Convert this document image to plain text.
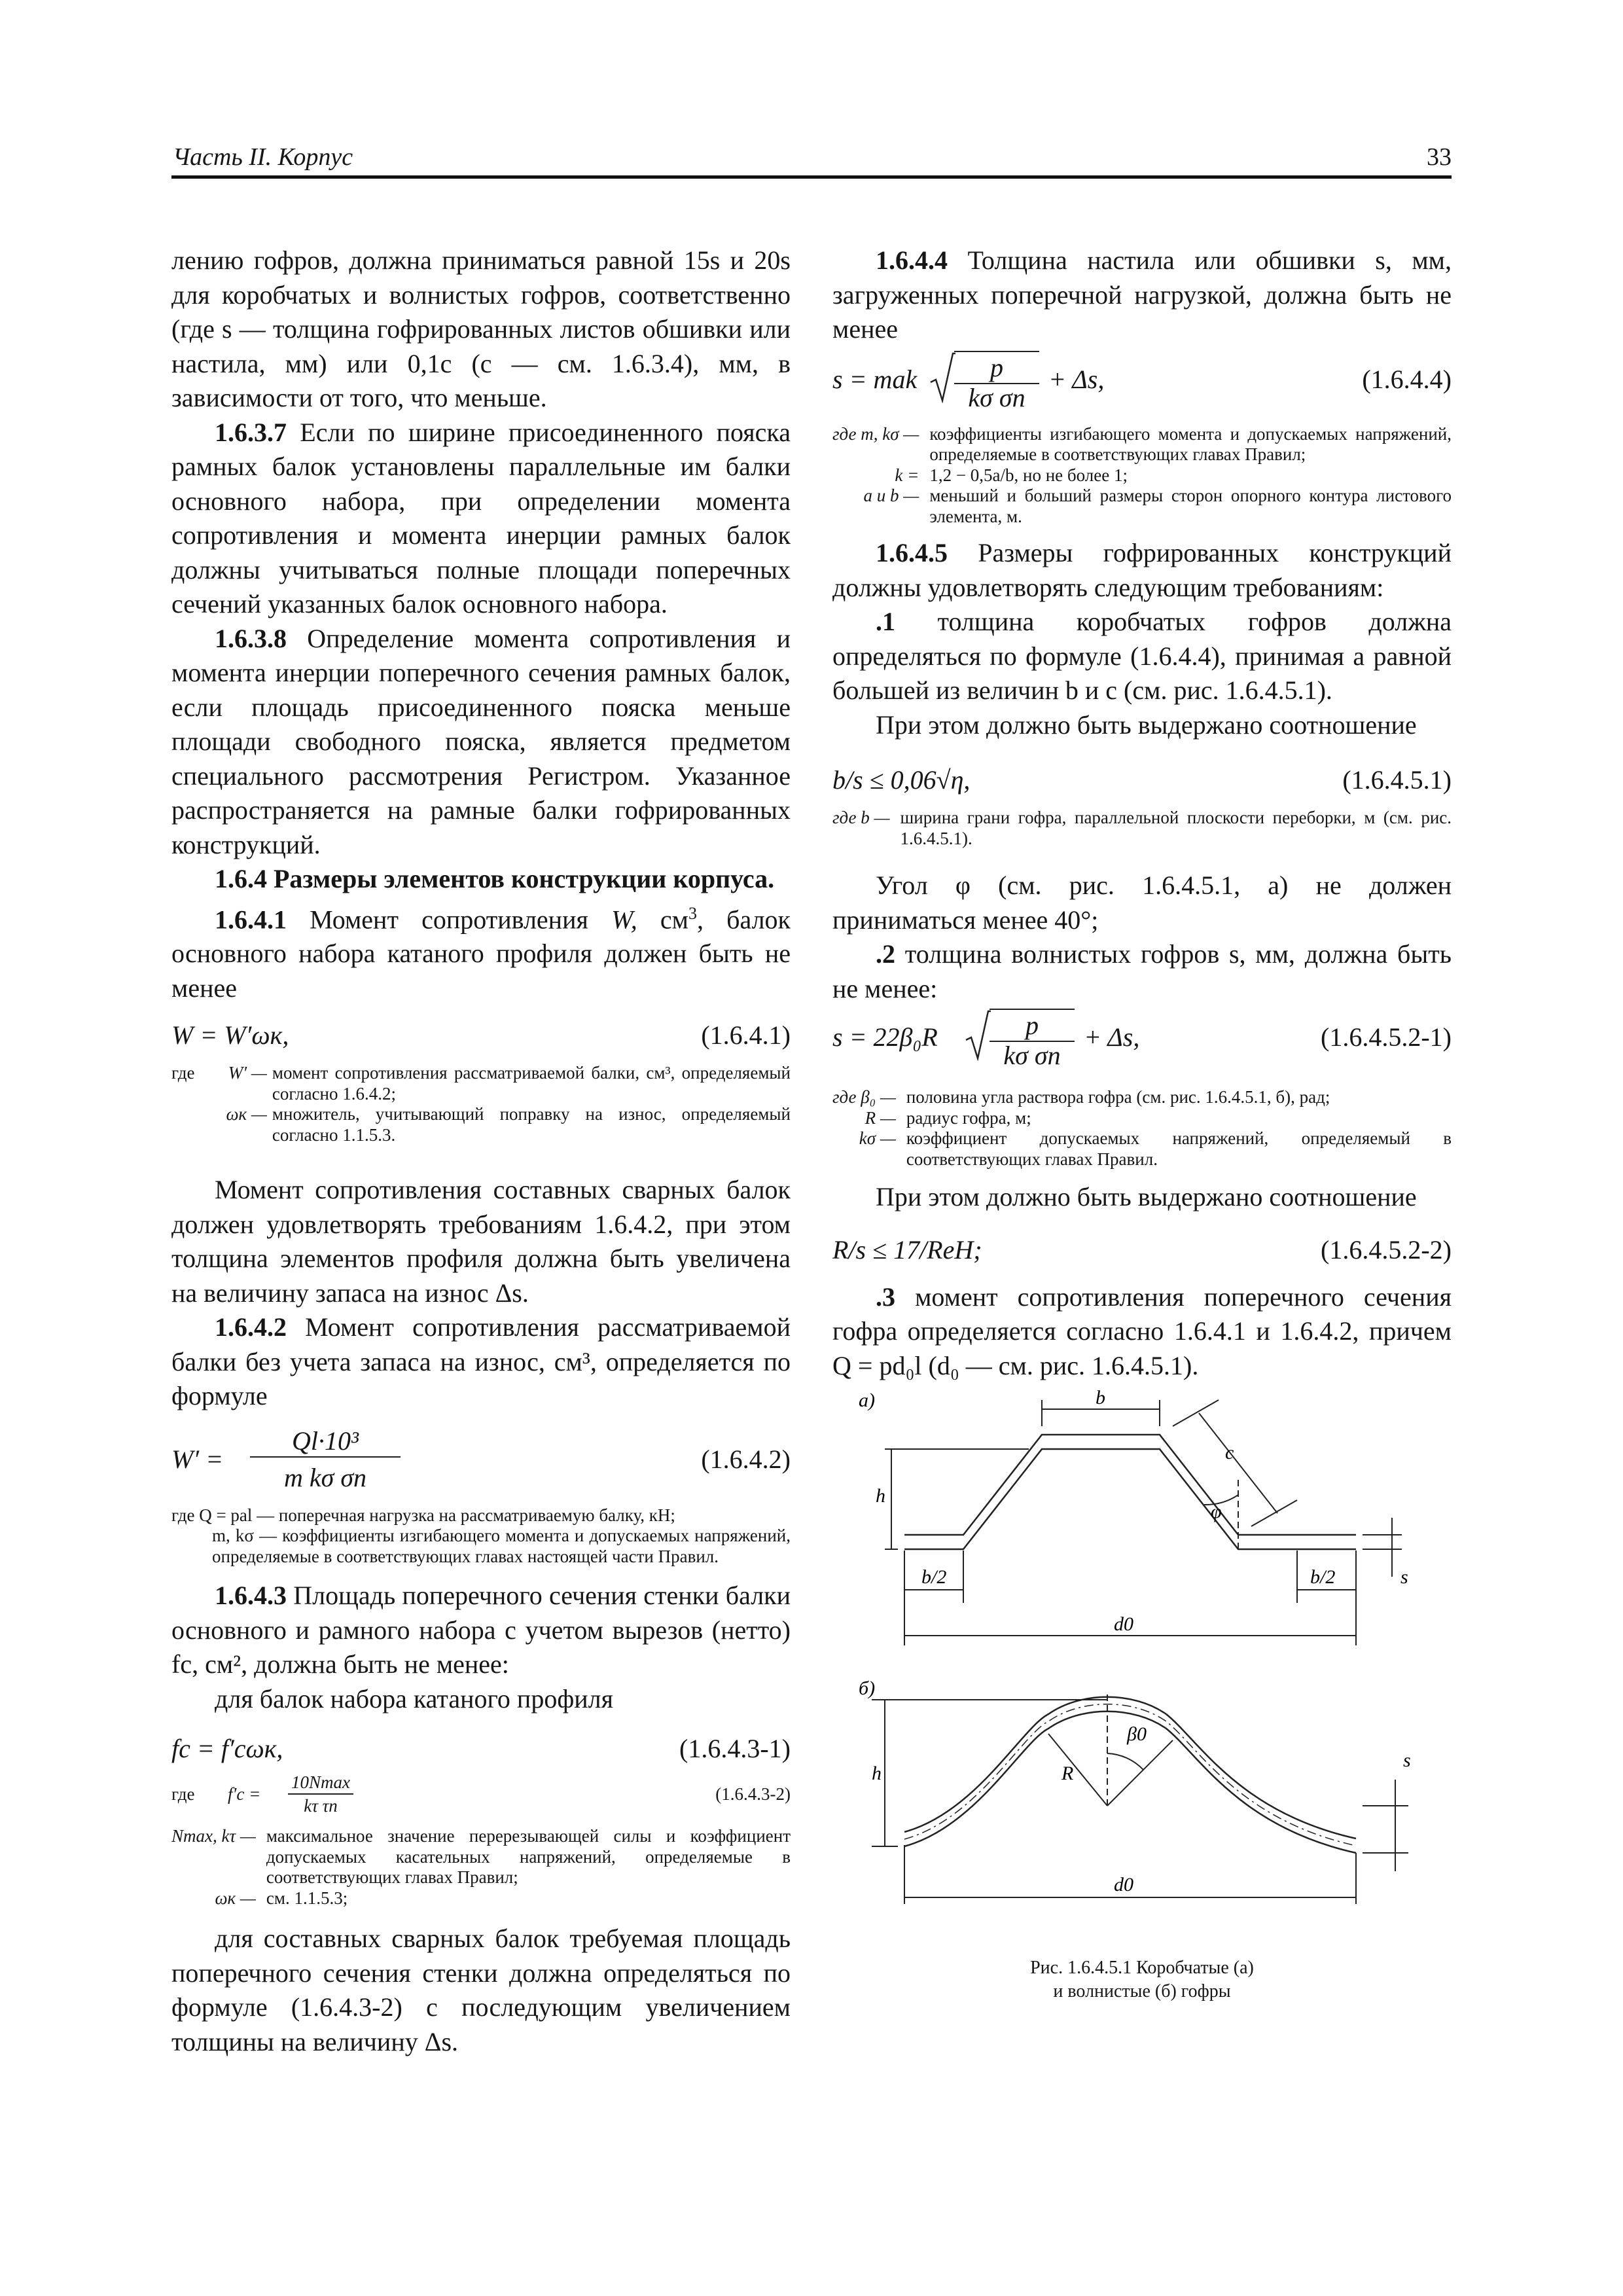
Часть II. Корпус	33

лению гофров, должна приниматься равной 15s и 20s для коробчатых и волнистых гофров, соответственно (где s — толщина гофрированных листов обшивки или настила, мм) или 0,1c (c — см. 1.6.3.4), мм, в зависимости от того, что меньше.

1.6.3.7 Если по ширине присоединенного пояска рамных балок установлены параллельные им балки основного набора, при определении момента сопротивления и момента инерции рамных балок должны учитываться полные площади поперечных сечений указанных балок основного набора.

1.6.3.8 Определение момента сопротивления и момента инерции поперечного сечения рамных балок, если площадь присоединенного пояска меньше площади свободного пояска, является предметом специального рассмотрения Регистром. Указанное распространяется на рамные балки гофрированных конструкций.

1.6.4 Размеры элементов конструкции корпуса.

1.6.4.1 Момент сопротивления W, $см^3$, балок основного набора катаного профиля должен быть не менее

W = W′ωк,	(1.6.4.1)
где	W′ — момент сопротивления рассматриваемой балки, см³, определяемый согласно 1.6.4.2;
ωк — множитель, учитывающий поправку на износ, определяемый согласно 1.1.5.3.

Момент сопротивления составных сварных балок должен удовлетворять требованиям 1.6.4.2, при этом толщина элементов профиля должна быть увеличена на величину запаса на износ Δs.

1.6.4.2 Момент сопротивления рассматриваемой балки без учета запаса на износ, см³, определяется по формуле

W′ =
Ql·10³
m kσ σn
(1.6.4.2)

где Q = pal — поперечная нагрузка на рассматриваемую балку, кН;

m, kσ — коэффициенты изгибающего момента и допускаемых напряжений, определяемые в соответствующих главах настоящей части Правил.

1.6.4.3 Площадь поперечного сечения стенки балки основного и рамного набора с учетом вырезов (нетто) fc, см², должна быть не менее:

для балок набора катаного профиля

fc = f′cωк,	(1.6.4.3-1)
где f′c =
10Nmax
kτ τn
(1.6.4.3-2)
Nmax, kτ — максимальное значение перерезывающей силы и коэффициент допускаемых касательных напряжений, определяемые в соответствующих главах Правил;
ωк — см. 1.1.5.3;

для составных сварных балок требуемая площадь поперечного сечения стенки должна определяться по формуле (1.6.4.3-2) с последующим увеличением толщины на величину Δs.

1.6.4.4 Толщина настила или обшивки s, мм, загруженных поперечной нагрузкой, должна быть не менее

s = mak	p
kσ σn
+ Δs,	(1.6.4.4)
где m, kσ — коэффициенты изгибающего момента и допускаемых напряжений, определяемые в соответствующих главах Правил;
k = 1,2 − 0,5a/b, но не более 1;
a и b — меньший и больший размеры сторон опорного контура листового элемента, м.

1.6.4.5 Размеры гофрированных конструкций должны удовлетворять следующим требованиям:

.1 толщина коробчатых гофров должна определяться по формуле (1.6.4.4), принимая a равной большей из величин b и c (см. рис. 1.6.4.5.1).

При этом должно быть выдержано соотношение

b/s ≤ 0,06√η,	(1.6.4.5.1)
где b — ширина грани гофра, параллельной плоскости переборки, м (см. рис. 1.6.4.5.1).

Угол φ (см. рис. 1.6.4.5.1, а) не должен приниматься менее 40°;

.2 толщина волнистых гофров s, мм, должна быть не менее:

s = 22β₀R	p
kσ σn
+ Δs,	(1.6.4.5.2-1)
где β₀ — половина угла раствора гофра (см. рис. 1.6.4.5.1, б), рад;
R — радиус гофра, м;
kσ — коэффициент допускаемых напряжений, определяемый в соответствующих главах Правил.

При этом должно быть выдержано соотношение

R/s ≤ 17/ReH;	(1.6.4.5.2-2)

.3 момент сопротивления поперечного сечения гофра определяется согласно 1.6.4.1 и 1.6.4.2, причем Q = pd₀l (d₀ — см. рис. 1.6.4.5.1).

а)	b
c
h
φ
b/2	b/2	s
d0
б)
h	R
β0
s
d0
Рис. 1.6.4.5.1 Коробчатые (а)
и волнистые (б) гофры
